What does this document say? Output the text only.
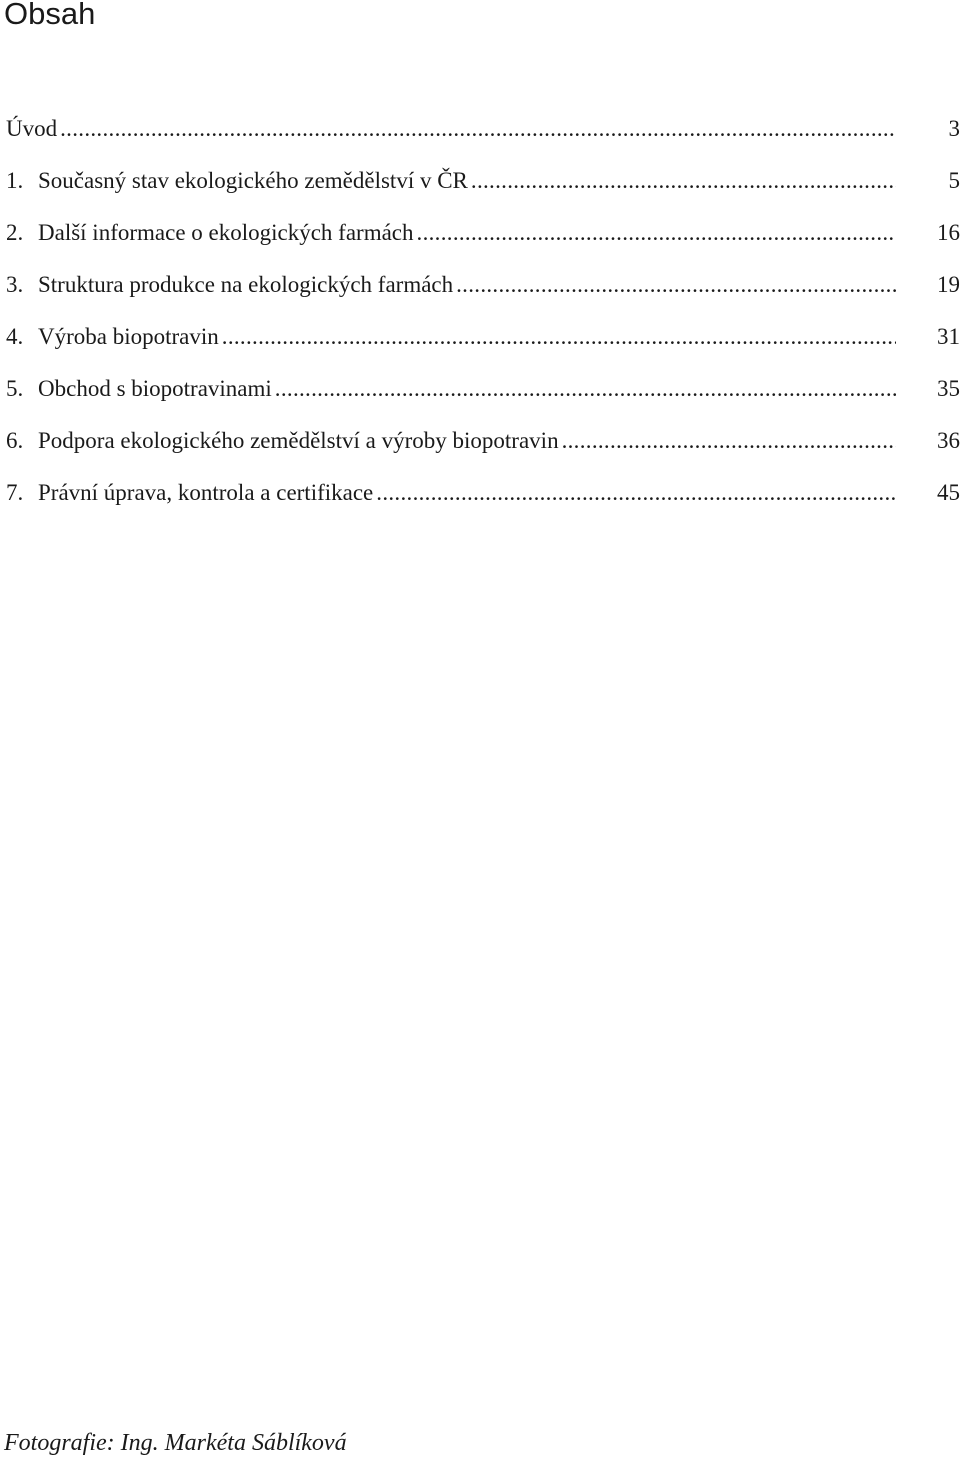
Obsah
Úvod .....	3
1. Současný stav ekologického zemědělství v ČR .....	5
2. Další informace o ekologických farmách .....	16
3. Struktura produkce na ekologických farmách .....	19
4. Výroba biopotravin .....	31
5. Obchod s biopotravinami .....	35
6. Podpora ekologického zemědělství a výroby biopotravin .....	36
7. Právní úprava, kontrola a certifikace .....	45
Fotografie: Ing. Markéta Sáblíková
